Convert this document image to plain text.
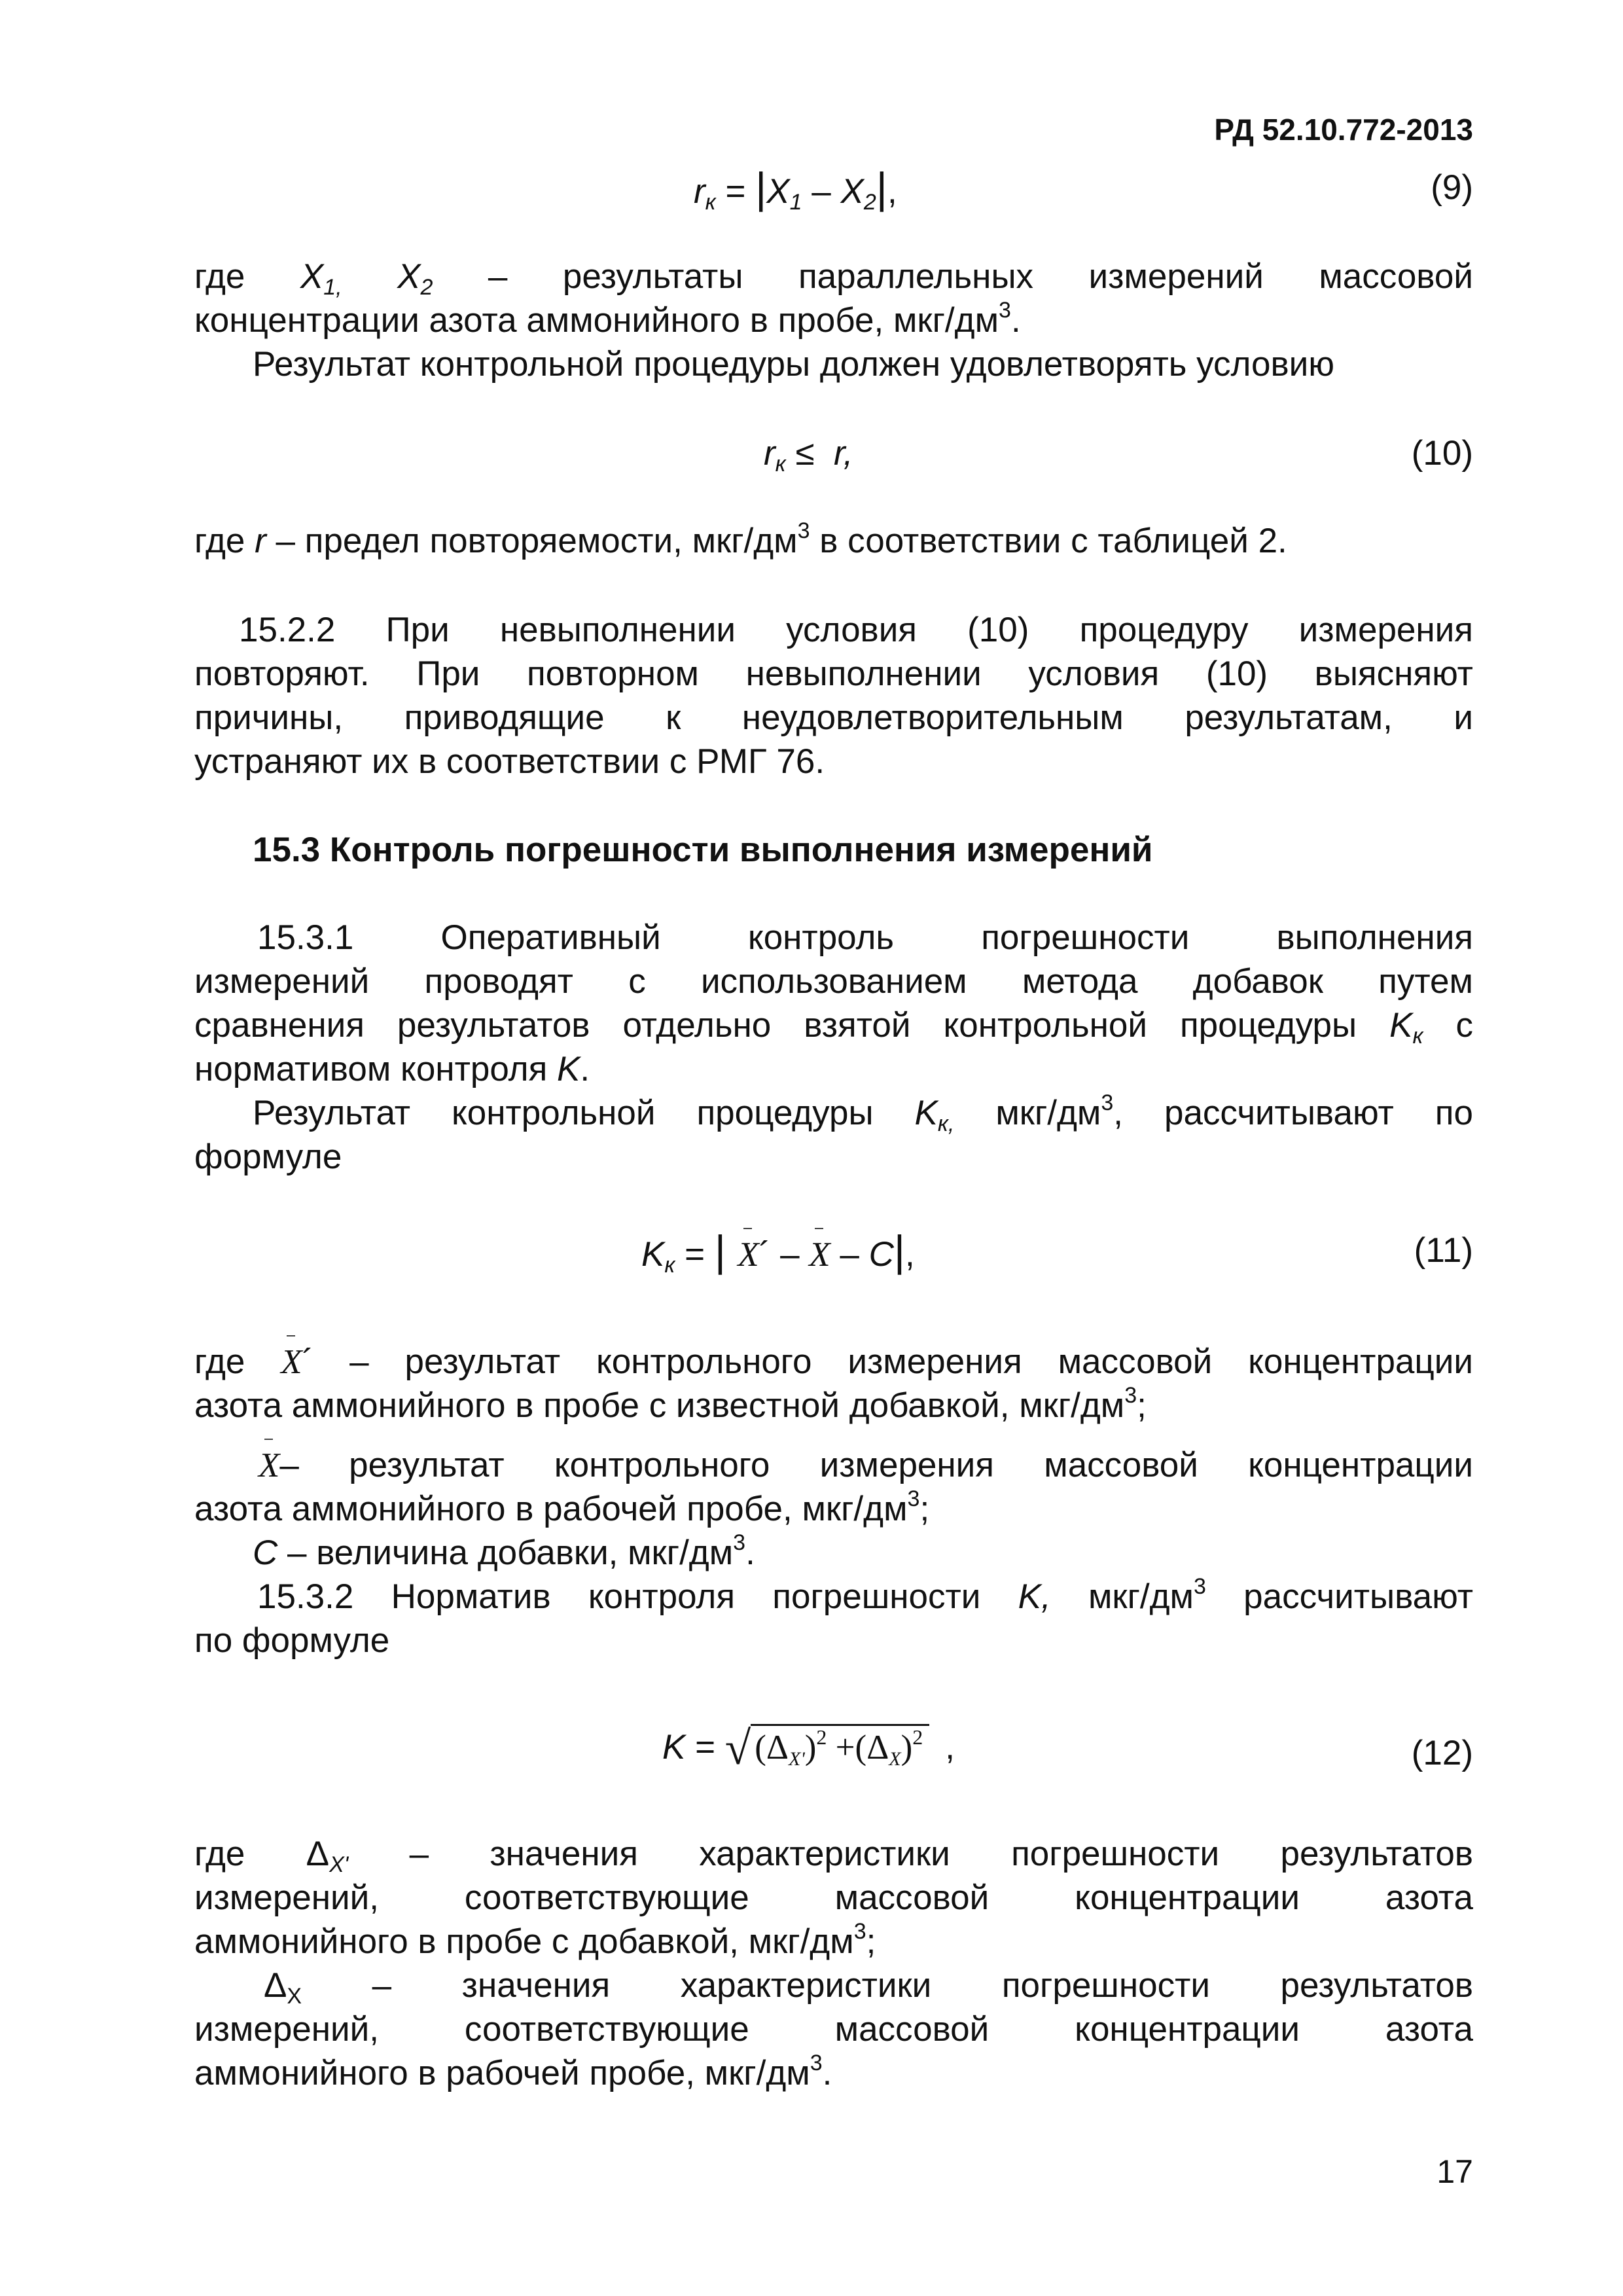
РД 52.10.772-2013
$r_к = |X_1 - X_2|$,	(9)
где $X_{1,}$ $X_2$ – результаты параллельных измерений массовой
концентрации азота аммонийного в пробе, мкг/$дм^3$.
Результат контрольной процедуры должен удовлетворять условию
$r_к \le r$,	(10)
где r – предел повторяемости, мкг/$дм^3$ в соответствии с таблицей 2.
15.2.2 При невыполнении условия (10) процедуру измерения
повторяют. При повторном невыполнении условия (10) выясняют
причины, приводящие к неудовлетворительным результатам, и
устраняют их в соответствии с РМГ 76.
15.3 Контроль погрешности выполнения измерений
15.3.1	Оперативный	контроль	погрешности	выполнения
измерений проводят с использованием метода добавок путем
сравнения результатов отдельно взятой контрольной процедуры $K_к$ с
нормативом контроля K.
Результат контрольной процедуры $K_{к,}$ мкг/$дм^3$, рассчитывают по
формуле
$K_к$ = | X´ – X – C|,	(11)
где X´ – результат контрольного измерения массовой концентрации
азота аммонийного в пробе с известной добавкой, мкг/$дм^3$;
X– результат контрольного измерения массовой концентрации
азота аммонийного в рабочей пробе, мкг/$дм^3$;
C – величина добавки, мкг/$дм^3$.
15.3.2 Норматив контроля погрешности K, мкг/$дм^3$ рассчитывают
по формуле
K = √ $(\Delta_{X'})^2 +(\Delta_X)^2$ ,	(12)
где $\Delta_{X'}$ – значения характеристики погрешности результатов
измерений, соответствующие массовой концентрации азота
аммонийного в пробе с добавкой, мкг/$дм^3$;
$\Delta_X$ – значения характеристики погрешности результатов
измерений, соответствующие массовой концентрации азота
аммонийного в рабочей пробе, мкг/$дм^3$.
17
